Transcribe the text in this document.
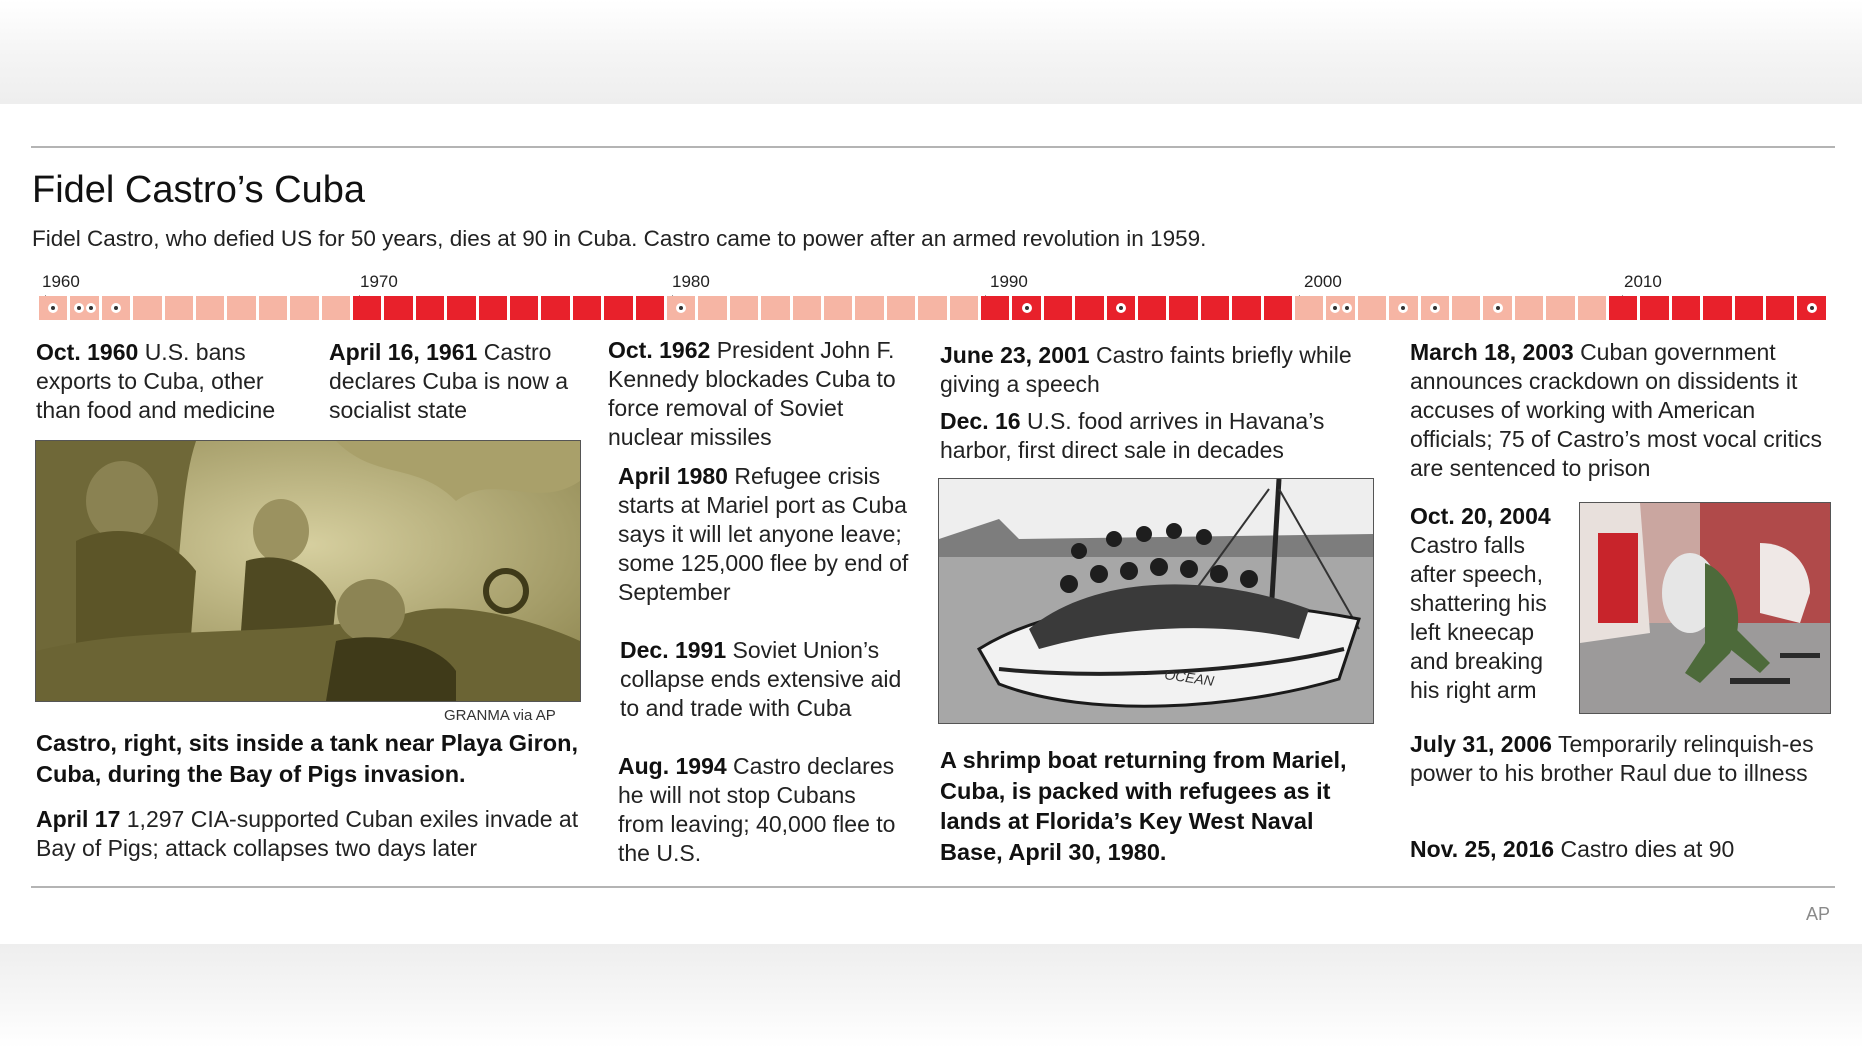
Fidel Castro’s Cuba
Fidel Castro, who defied US for 50 years, dies at 90 in Cuba. Castro came to power after an armed revolution in 1959.
1960	1970	1980	1990	2000	2010
Oct. 1960 U.S. bans exports to Cuba, other than food and medicine
April 16, 1961 Castro declares Cuba is now a socialist state
GRANMA via AP
Castro, right, sits inside a tank near Playa Giron, Cuba, during the Bay of Pigs invasion.
April 17 1,297 CIA-supported Cuban exiles invade at Bay of Pigs; attack collapses two days later
Oct. 1962 President John F. Kennedy blockades Cuba to force removal of Soviet nuclear missiles
April 1980 Refugee crisis starts at Mariel port as Cuba says it will let anyone leave; some 125,000 flee by end of September
Dec. 1991 Soviet Union’s collapse ends extensive aid to and trade with Cuba
Aug. 1994 Castro declares he will not stop Cubans from leaving; 40,000 flee to the U.S.
June 23, 2001 Castro faints briefly while giving a speech
Dec. 16 U.S. food arrives in Havana’s harbor, first direct sale in decades
OCEAN
A shrimp boat returning from Mariel, Cuba, is packed with refugees as it lands at Florida’s Key West Naval Base, April 30, 1980.
March 18, 2003 Cuban government announces crackdown on dissidents it accuses of working with American officials; 75 of Castro’s most vocal critics are sentenced to prison
Oct. 20, 2004 Castro falls after speech, shattering his left kneecap and breaking his right arm
July 31, 2006 Temporarily relinquish-es power to his brother Raul due to illness
Nov. 25, 2016 Castro dies at 90
AP
